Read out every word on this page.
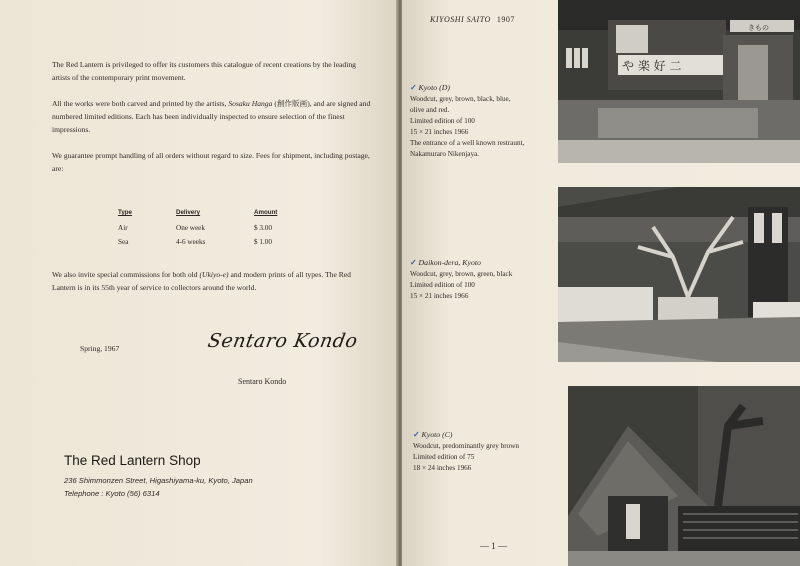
The Red Lantern is privileged to offer its customers this catalogue of recent creations by the leading artists of the contemporary print movement.

All the works were both carved and printed by the artists, Sosaku Hanga (創作版画), and are signed and numbered limited editions. Each has been individually inspected to ensure selection of the finest impressions.

We guarantee prompt handling of all orders without regard to size. Fees for shipment, including postage, are:

Type	Delivery	Amount
Air	One week	$ 3.00
Sea	4-6 weeks	$ 1.00
We also invite special commissions for both old (Ukiyo-e) and modern prints of all types. The Red Lantern is in its 55th year of service to collectors around the world.
Spring, 1967	Sentaro Kondo
Sentaro Kondo
The Red Lantern Shop
236 Shimmonzen Street, Higashiyama-ku, Kyoto, Japan
Telephone : Kyoto (56) 6314
KIYOSHI SAITO 1907
✓ Kyoto (D)
Woodcut, grey, brown, black, blue,
olive and red.
Limited edition of 100
15 × 21 inches 1966
The entrance of a well known restraunt,
Nakamuraro Nikenjaya.
✓ Daikon-dera, Kyoto
Woodcut, grey, brown, green, black
Limited edition of 100
15 × 21 inches 1966
✓ Kyoto (C)
Woodcut, predominantly grey brown
Limited edition of 75
18 × 24 inches 1966
や 楽 好 二
きもの
— 1 —
